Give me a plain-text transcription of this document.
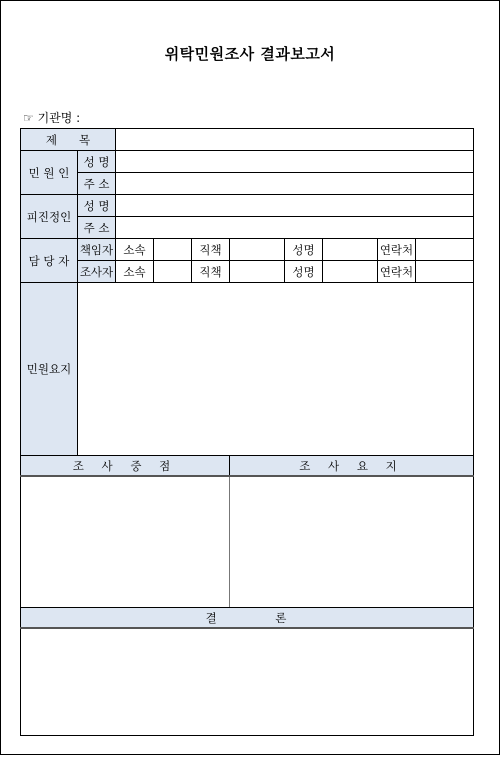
위탁민원조사 결과보고서
☞ 기관명 :
제      목									
민 원 인	성 명								
	주 소								
피진정인	성 명								
	주 소								
담 당 자	책임자	소속		직책		성명		연락처	
	조사자	소속		직책		성명		연락처	
민원요지									
조 사 중 점					조 사 요 지				

결          론									
